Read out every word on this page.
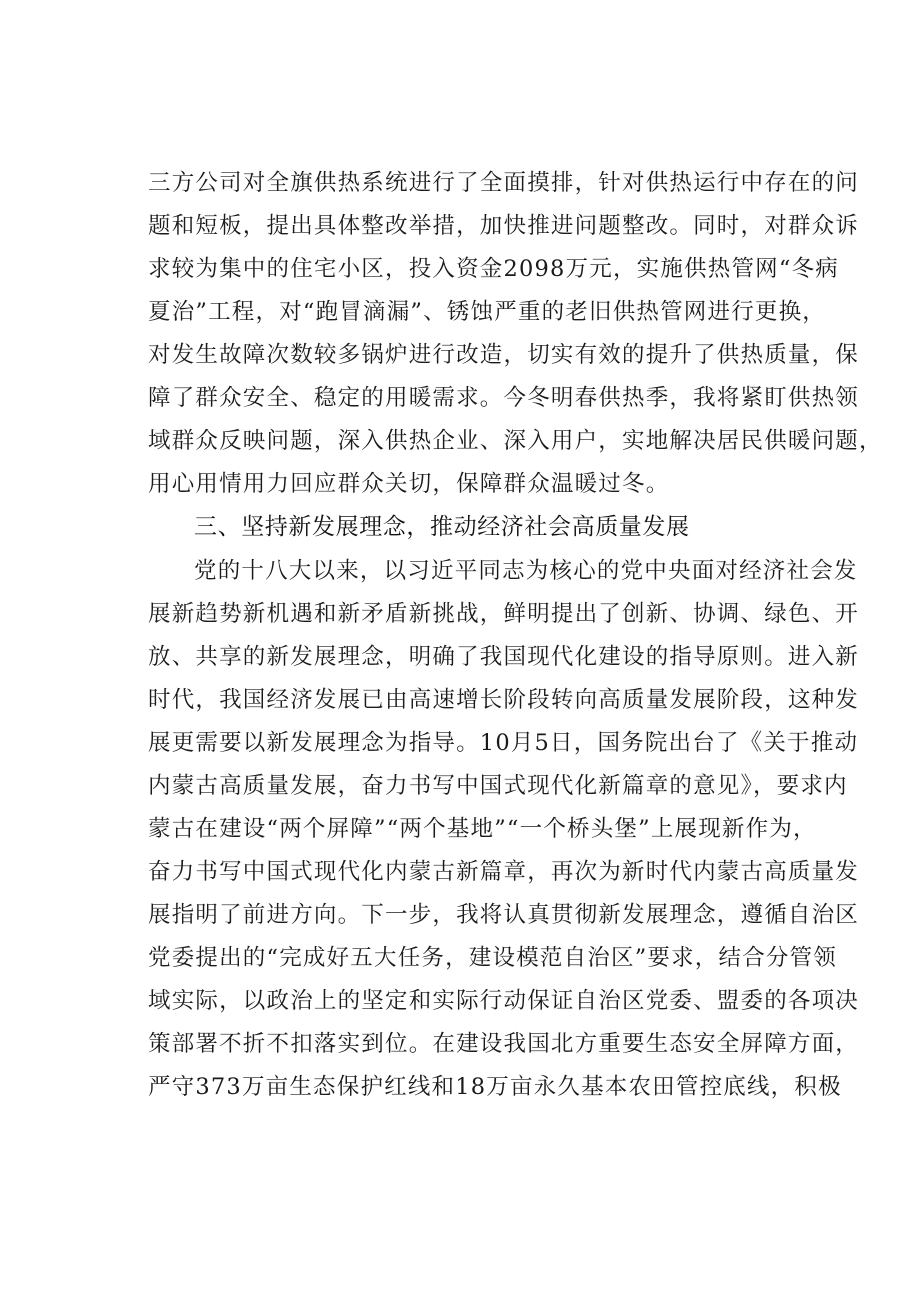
三方公司对全旗供热系统进行了全面摸排，针对供热运行中存在的问
题和短板，提出具体整改举措，加快推进问题整改。同时，对群众诉
求较为集中的住宅小区，投入资金2098万元，实施供热管网“冬病
夏治”工程，对“跑冒滴漏”、锈蚀严重的老旧供热管网进行更换，
对发生故障次数较多锅炉进行改造，切实有效的提升了供热质量，保
障了群众安全、稳定的用暖需求。今冬明春供热季，我将紧盯供热领
域群众反映问题，深入供热企业、深入用户，实地解决居民供暖问题，
用心用情用力回应群众关切，保障群众温暖过冬。
三、坚持新发展理念，推动经济社会高质量发展
党的十八大以来，以习近平同志为核心的党中央面对经济社会发
展新趋势新机遇和新矛盾新挑战，鲜明提出了创新、协调、绿色、开
放、共享的新发展理念，明确了我国现代化建设的指导原则。进入新
时代，我国经济发展已由高速增长阶段转向高质量发展阶段，这种发
展更需要以新发展理念为指导。10月5日，国务院出台了《关于推动
内蒙古高质量发展，奋力书写中国式现代化新篇章的意见》，要求内
蒙古在建设“两个屏障”“两个基地”“一个桥头堡”上展现新作为，
奋力书写中国式现代化内蒙古新篇章，再次为新时代内蒙古高质量发
展指明了前进方向。下一步，我将认真贯彻新发展理念，遵循自治区
党委提出的“完成好五大任务，建设模范自治区”要求，结合分管领
域实际，以政治上的坚定和实际行动保证自治区党委、盟委的各项决
策部署不折不扣落实到位。在建设我国北方重要生态安全屏障方面，
严守373万亩生态保护红线和18万亩永久基本农田管控底线，积极
